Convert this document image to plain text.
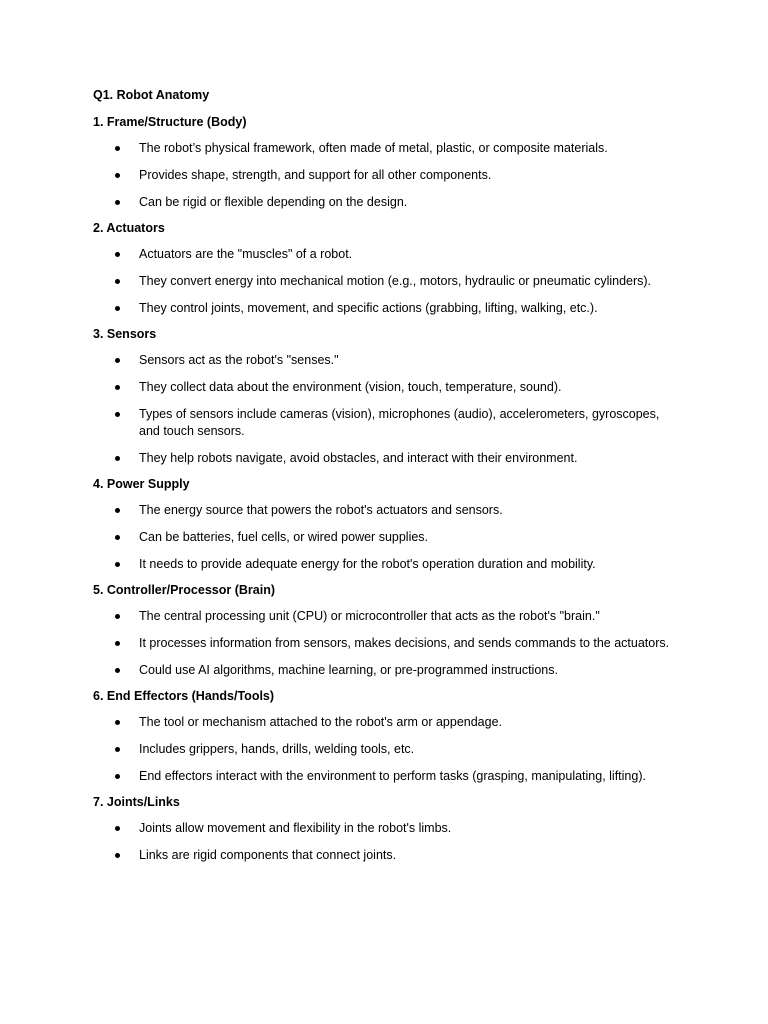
Q1. Robot Anatomy
1. Frame/Structure (Body)
The robot’s physical framework, often made of metal, plastic, or composite materials.
Provides shape, strength, and support for all other components.
Can be rigid or flexible depending on the design.
2. Actuators
Actuators are the "muscles" of a robot.
They convert energy into mechanical motion (e.g., motors, hydraulic or pneumatic cylinders).
They control joints, movement, and specific actions (grabbing, lifting, walking, etc.).
3. Sensors
Sensors act as the robot's "senses."
They collect data about the environment (vision, touch, temperature, sound).
Types of sensors include cameras (vision), microphones (audio), accelerometers, gyroscopes, and touch sensors.
They help robots navigate, avoid obstacles, and interact with their environment.
4. Power Supply
The energy source that powers the robot's actuators and sensors.
Can be batteries, fuel cells, or wired power supplies.
It needs to provide adequate energy for the robot's operation duration and mobility.
5. Controller/Processor (Brain)
The central processing unit (CPU) or microcontroller that acts as the robot's "brain."
It processes information from sensors, makes decisions, and sends commands to the actuators.
Could use AI algorithms, machine learning, or pre-programmed instructions.
6. End Effectors (Hands/Tools)
The tool or mechanism attached to the robot's arm or appendage.
Includes grippers, hands, drills, welding tools, etc.
End effectors interact with the environment to perform tasks (grasping, manipulating, lifting).
7. Joints/Links
Joints allow movement and flexibility in the robot's limbs.
Links are rigid components that connect joints.
